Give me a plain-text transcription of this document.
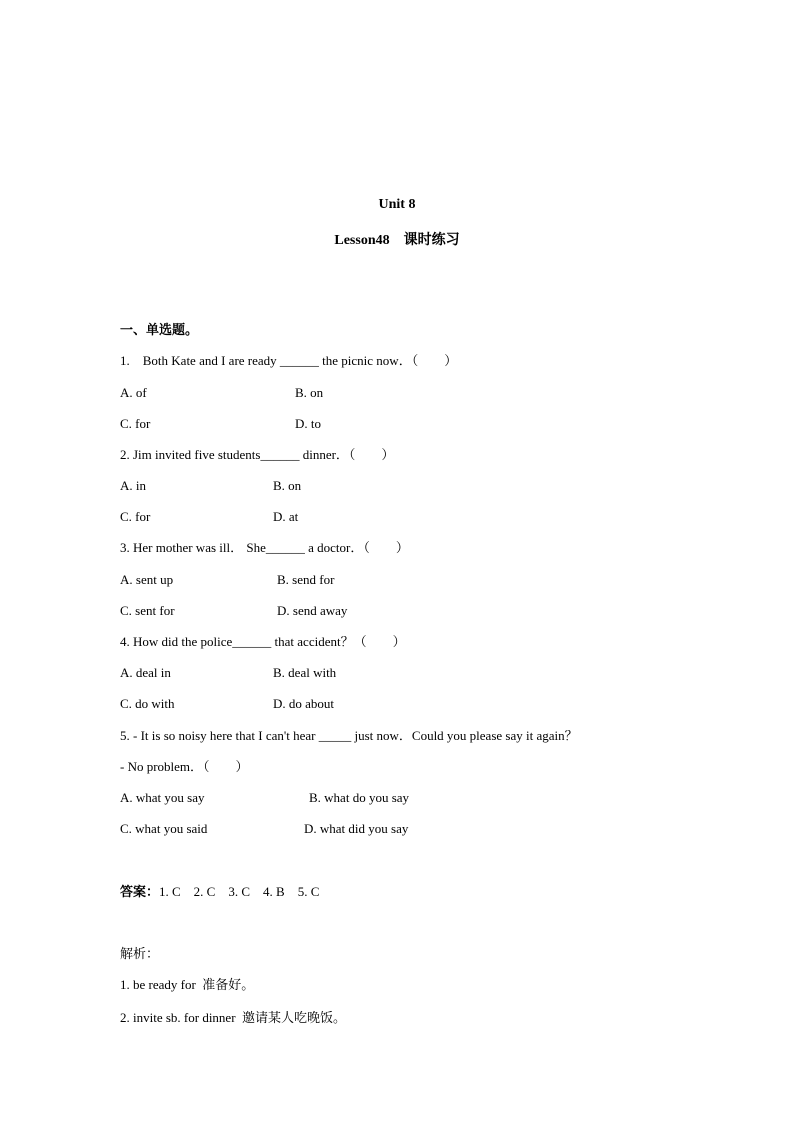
Unit 8
Lesson48　课时练习
一、单选题。
1.　Both Kate and I are ready ______ the picnic now．（　　）
A. of	B. on
C. for	D. to
2. Jim invited five students______ dinner．（　　）
A. in	B. on
C. for	D. at
3. Her mother was ill． She______ a doctor．（　　）
A. sent up	B. send for
C. sent for	D. send away
4. How did the police______ that accident？（　　）
A. deal in	B. deal with
C. do with	D. do about
5. - It is so noisy here that I can't hear _____ just now．Could you please say it again？
- No problem．（　　）
A. what you say	B. what do you say
C. what you said	D. what did you say
答案：1. C　2. C　3. C　4. B　5. C
解析：
1. be ready for  准备好。
2. invite sb. for dinner  邀请某人吃晚饭。
